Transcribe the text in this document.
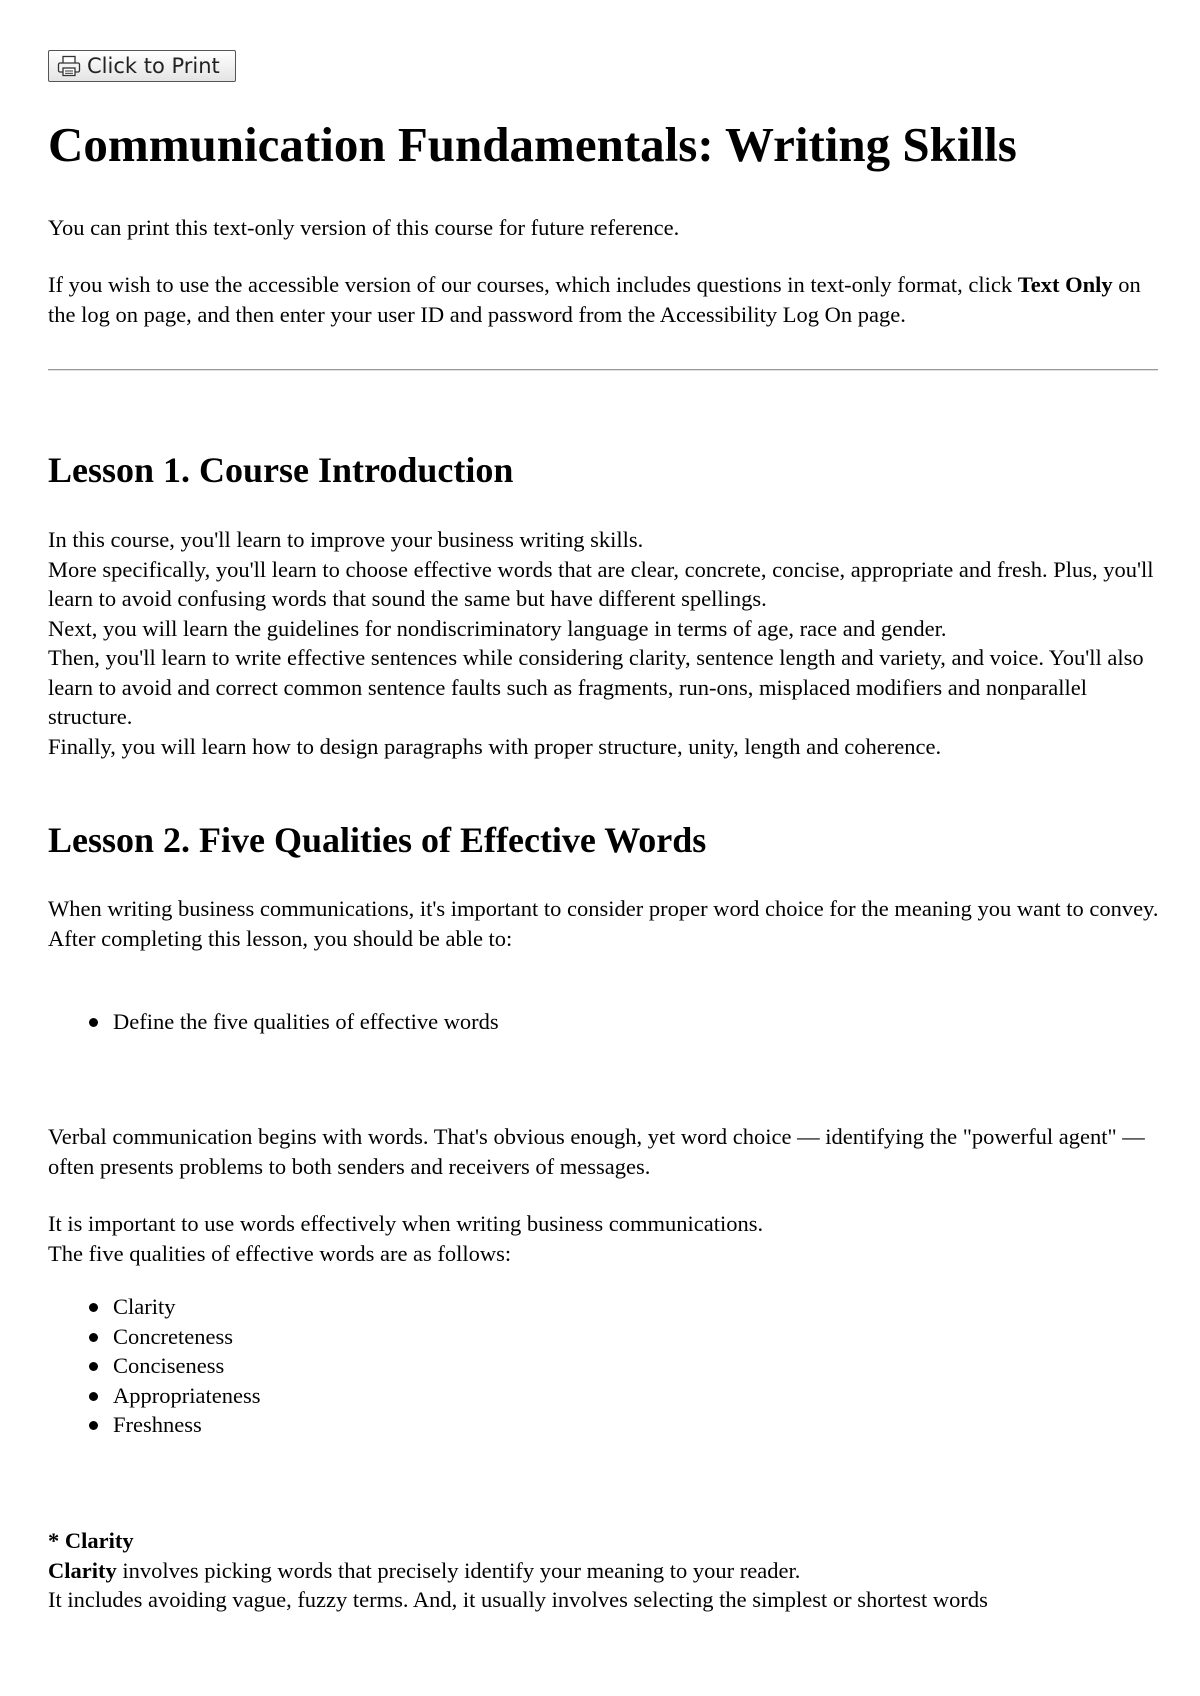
Click to Print
Communication Fundamentals: Writing Skills

You can print this text-only version of this course for future reference.

If you wish to use the accessible version of our courses, which includes questions in text-only format, click Text Only on the log on page, and then enter your user ID and password from the Accessibility Log On page.

Lesson 1. Course Introduction
In this course, you'll learn to improve your business writing skills.
More specifically, you'll learn to choose effective words that are clear, concrete, concise, appropriate and fresh. Plus, you'll learn to avoid confusing words that sound the same but have different spellings.
Next, you will learn the guidelines for nondiscriminatory language in terms of age, race and gender.
Then, you'll learn to write effective sentences while considering clarity, sentence length and variety, and voice. You'll also learn to avoid and correct common sentence faults such as fragments, run-ons, misplaced modifiers and nonparallel structure.
Finally, you will learn how to design paragraphs with proper structure, unity, length and coherence.
Lesson 2. Five Qualities of Effective Words
When writing business communications, it's important to consider proper word choice for the meaning you want to convey.
After completing this lesson, you should be able to:
Define the five qualities of effective words

Verbal communication begins with words. That's obvious enough, yet word choice — identifying the "powerful agent" — often presents problems to both senders and receivers of messages.

It is important to use words effectively when writing business communications.
The five qualities of effective words are as follows:
Clarity
Concreteness
Conciseness
Appropriateness
Freshness
* Clarity
Clarity involves picking words that precisely identify your meaning to your reader.
It includes avoiding vague, fuzzy terms. And, it usually involves selecting the simplest or shortest words
